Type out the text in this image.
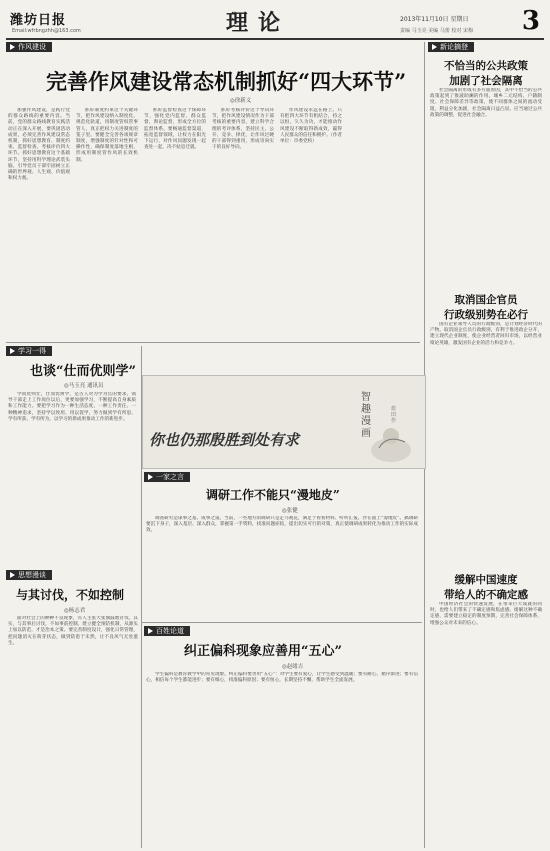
潍坊日报
Email:wfrbngzhh@163.com	理论	2013年11月10日 星期日
责编 马玉亮 美编 马蕾 校对 宋梅 3
作风建设
完善作风建设常态机制抓好“四大环节”
◎徐新义

加强作风建设，是践行党的群众路线的重要内容。当前，党的群众路线教育实践活动正在深入开展，要巩固活动成果，必须完善作风建设常态机制，抓好思想教育、制度约束、监督检查、考核评价四大环节。抓好思想教育这个基础环节，坚持用科学理论武装头脑，引导党员干部牢固树立正确的世界观、人生观、价值观和权力观。

抓好制度约束这个关键环节，把作风建设纳入制度化、规范化轨道，用制度管权管事管人，真正把权力关进制度的笼子里。要健全完善各项规章制度，增强制度的针对性和可操作性，确保制度落地生根，形成用制度管作风的长效机制。

抓好监督检查这个保障环节，强化党内监督、群众监督、舆论监督，形成全方位的监督体系。要畅通监督渠道，拓宽监督领域，让权力在阳光下运行，对作风问题发现一起查处一起，决不姑息迁就。

抓好考核评价这个导向环节，把作风建设情况作为干部考核的重要内容，建立科学合理的考评体系，坚持民主、公开、竞争、择优，让作风过硬的干部得到重用，形成崇尚实干的良好导向。

作风建设永远在路上。只有把四大环节有机结合，持之以恒、久久为功，才能推动作风建设不断取得新成效，赢得人民群众的信任和拥护。（作者单位：市委党校）

学习一得
也谈“仕而优则学”
◎马玉亮 通讯员

学而优则仕，仕而优则学，是古人对为学为官的要求。领导干部走上工作岗位以后，更要加强学习，不断提高自身素质和工作能力。要把学习作为一种生活态度、一种工作责任、一种精神追求，坚持学以致用、用以促学，努力做到学有所思、学有所获、学有所为，以学习的新成果推动工作的新进步。

智趣漫画
蓝田作
你也仍那殷胜到处有求
思想漫谈
与其讨伐，不如控制
◎杨志君

面对社会上的种种不良现象，有人主张大张旗鼓地讨伐。其实，与其事后讨伐，不如事前控制。建立健全预防机制，从源头上加以防范，才是治本之策。要完善制度设计，强化日常管理，把问题消灭在萌芽状态，做到防患于未然，让不良风气无处滋生。

一家之言
调研工作不能只“漫地皮”
◎张健

调查研究是谋事之基、成事之道。当前，一些地方的调研只是走马观花，满足于看看材料、听听汇报，浮在面上“漫地皮”。搞调研要沉下身子，深入基层、深入群众，掌握第一手资料，找准问题症结，提出切实可行的对策，真正使调研成果转化为推动工作的实际成效。

百姓论道
纠正偏科现象应善用“五心”
◎赵绪吉

学生偏科是教育教学中的常见现象。纠正偏科要善用“五心”：对学生要有爱心，让学生感受到温暖；要有耐心，循序渐进；要有信心，相信每个学生都能进步；要有细心，找准偏科原因；要有恒心，长期坚持不懈，帮助学生全面发展。

新论摘登
不恰当的公共政策
加剧了社会隔离

社会隔离的形成有多方面原因，其中不恰当的公共政策起到了推波助澜的作用。城乡二元结构、户籍制度、社会保障差异等政策，使不同群体之间的流动受阻，利益分化加剧，社会隔离日益凸显。应当通过公共政策的调整，促进社会融合。

取消国企官员
行政级别势在必行

国有企业领导人员的行政级别，是计划经济时代的产物。取消国企官员行政级别，有利于推进政企分开，建立现代企业制度，使企业经营者回归市场，以经营业绩论英雄，激发国有企业的活力和竞争力。

缓解中国速度
带给人的不确定感

中国经济社会的快速发展，在带来巨大成就的同时，也给人们带来了不确定感和焦虑感。缓解这种不确定感，需要建立稳定的制度预期，完善社会保障体系，增强公众对未来的信心。
